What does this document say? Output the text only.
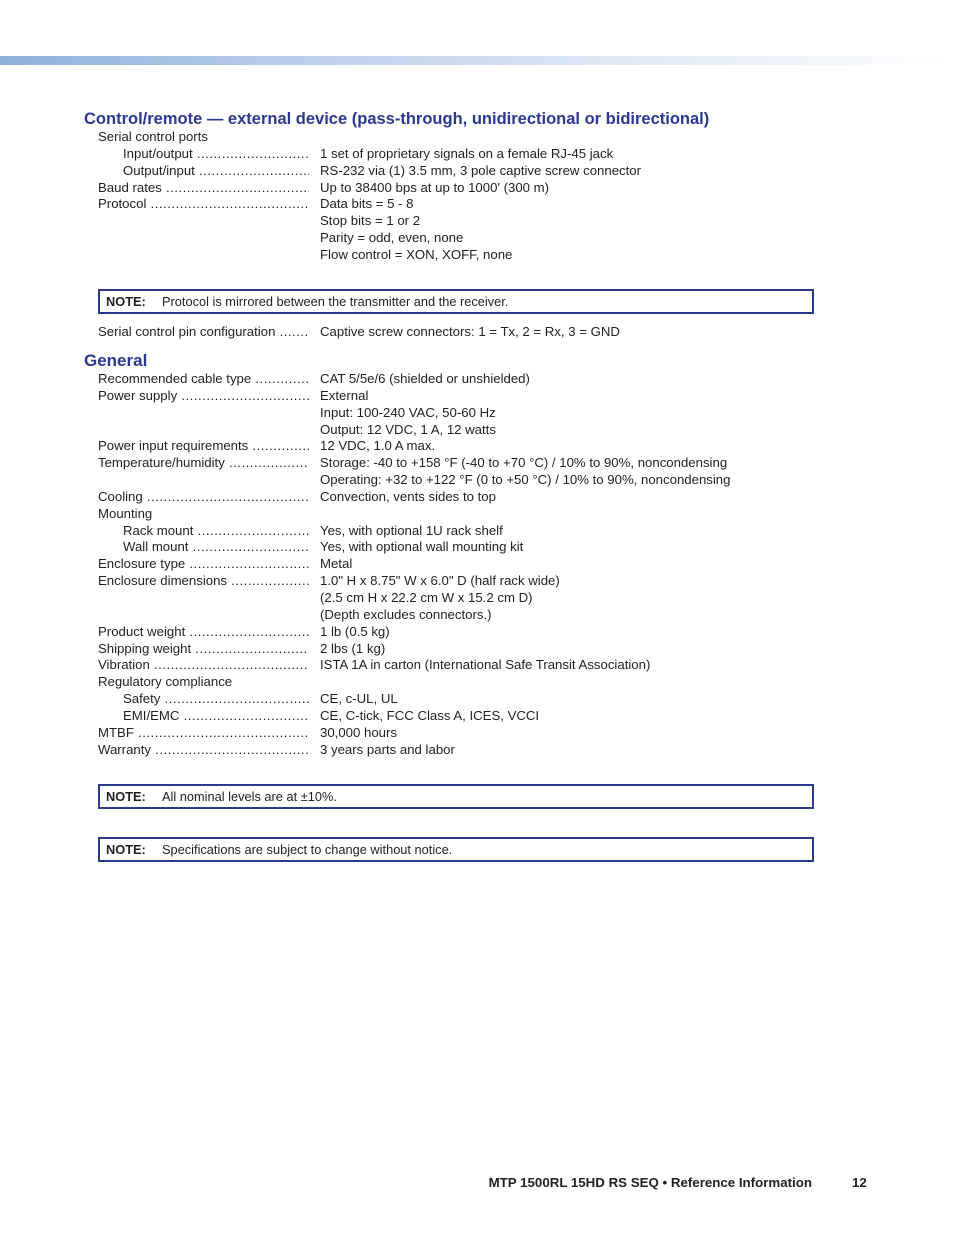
Control/remote — external device (pass-through, unidirectional or bidirectional)
Serial control ports
Input/output .....	1 set of proprietary signals on a female RJ-45 jack
Output/input .....	RS-232 via (1) 3.5 mm, 3 pole captive screw connector
Baud rates .....	Up to 38400 bps at up to 1000' (300 m)
Protocol .....	Data bits = 5 - 8
Stop bits = 1 or 2
Parity = odd, even, none
Flow control = XON, XOFF, none
NOTE: Protocol is mirrored between the transmitter and the receiver.
Serial control pin configuration .....	Captive screw connectors: 1 = Tx, 2 = Rx, 3 = GND
General
Recommended cable type .....	CAT 5/5e/6 (shielded or unshielded)
Power supply .....	External
Input: 100-240 VAC, 50-60 Hz
Output: 12 VDC, 1 A, 12 watts
Power input requirements .....	12 VDC, 1.0 A max.
Temperature/humidity .....	Storage: -40 to +158 °F (-40 to +70 °C) / 10% to 90%, noncondensing
Operating: +32 to +122 °F (0 to +50 °C) / 10% to 90%, noncondensing
Cooling .....	Convection, vents sides to top
Mounting
Rack mount .....	Yes, with optional 1U rack shelf
Wall mount .....	Yes, with optional wall mounting kit
Enclosure type .....	Metal
Enclosure dimensions .....	1.0" H x 8.75" W x 6.0" D (half rack wide)
(2.5 cm H x 22.2 cm W x 15.2 cm D)
(Depth excludes connectors.)
Product weight .....	1 lb (0.5 kg)
Shipping weight .....	2 lbs (1 kg)
Vibration .....	ISTA 1A in carton (International Safe Transit Association)
Regulatory compliance
Safety .....	CE, c-UL, UL
EMI/EMC .....	CE, C-tick, FCC Class A, ICES, VCCI
MTBF .....	30,000 hours
Warranty .....	3 years parts and labor
NOTE: All nominal levels are at ±10%.
NOTE: Specifications are subject to change without notice.
MTP 1500RL 15HD RS SEQ • Reference Information	12
